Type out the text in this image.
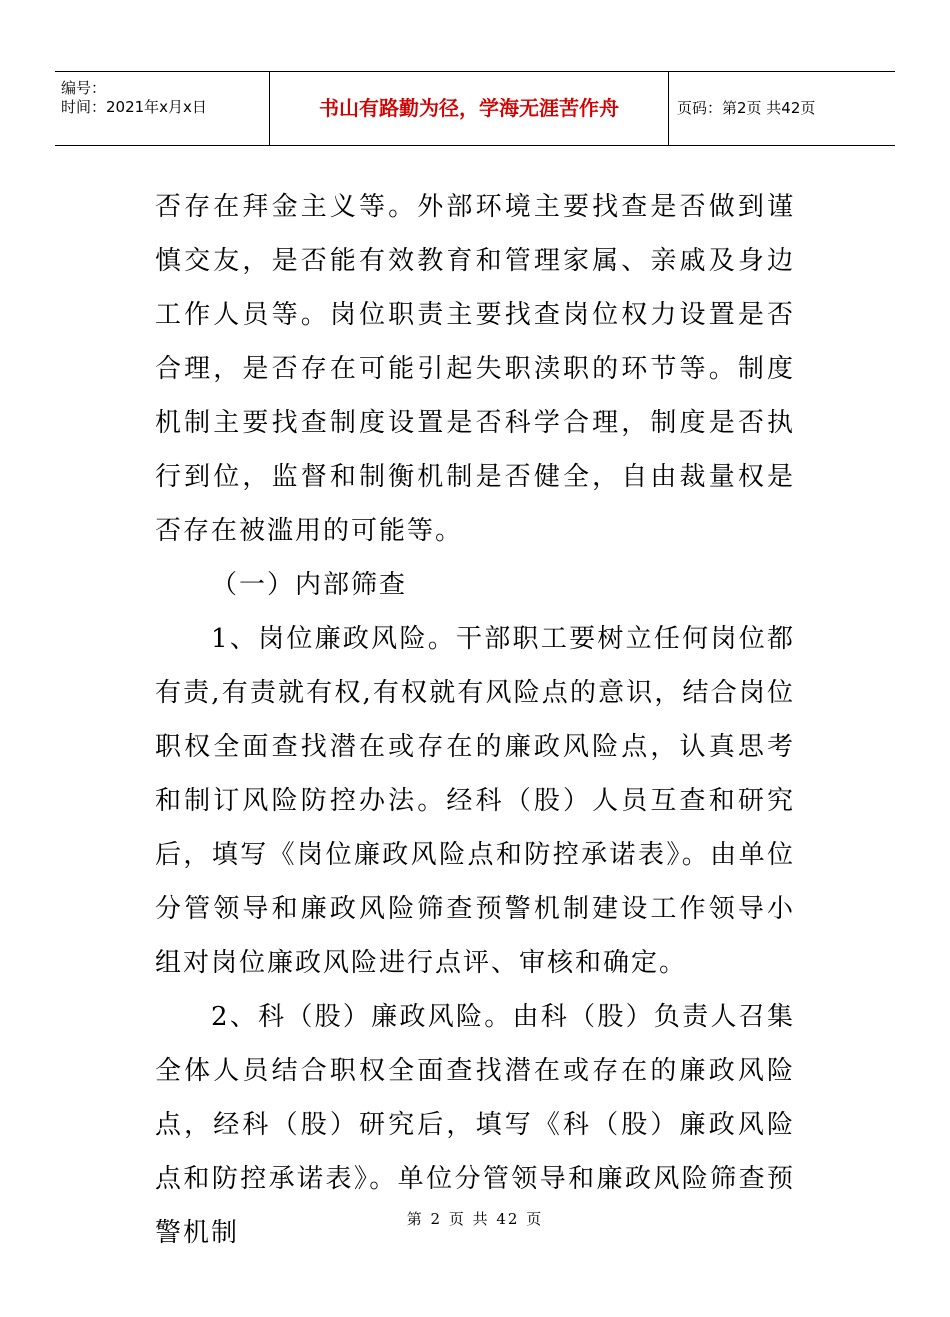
编号：
时间：2021年x月x日	书山有路勤为径，学海无涯苦作舟	页码：第2页 共42页

否存在拜金主义等。外部环境主要找查是否做到谨慎交友，是否能有效教育和管理家属、亲戚及身边工作人员等。岗位职责主要找查岗位权力设置是否合理，是否存在可能引起失职渎职的环节等。制度机制主要找查制度设置是否科学合理，制度是否执行到位，监督和制衡机制是否健全，自由裁量权是否存在被滥用的可能等。

（一）内部筛查

1、岗位廉政风险。干部职工要树立任何岗位都有责,有责就有权,有权就有风险点的意识，结合岗位职权全面查找潜在或存在的廉政风险点，认真思考和制订风险防控办法。经科（股）人员互查和研究后，填写《岗位廉政风险点和防控承诺表》。由单位分管领导和廉政风险筛查预警机制建设工作领导小组对岗位廉政风险进行点评、审核和确定。

2、科（股）廉政风险。由科（股）负责人召集全体人员结合职权全面查找潜在或存在的廉政风险点，经科（股）研究后，填写《科（股）廉政风险点和防控承诺表》。单位分管领导和廉政风险筛查预警机制	第 2 页 共 42 页
